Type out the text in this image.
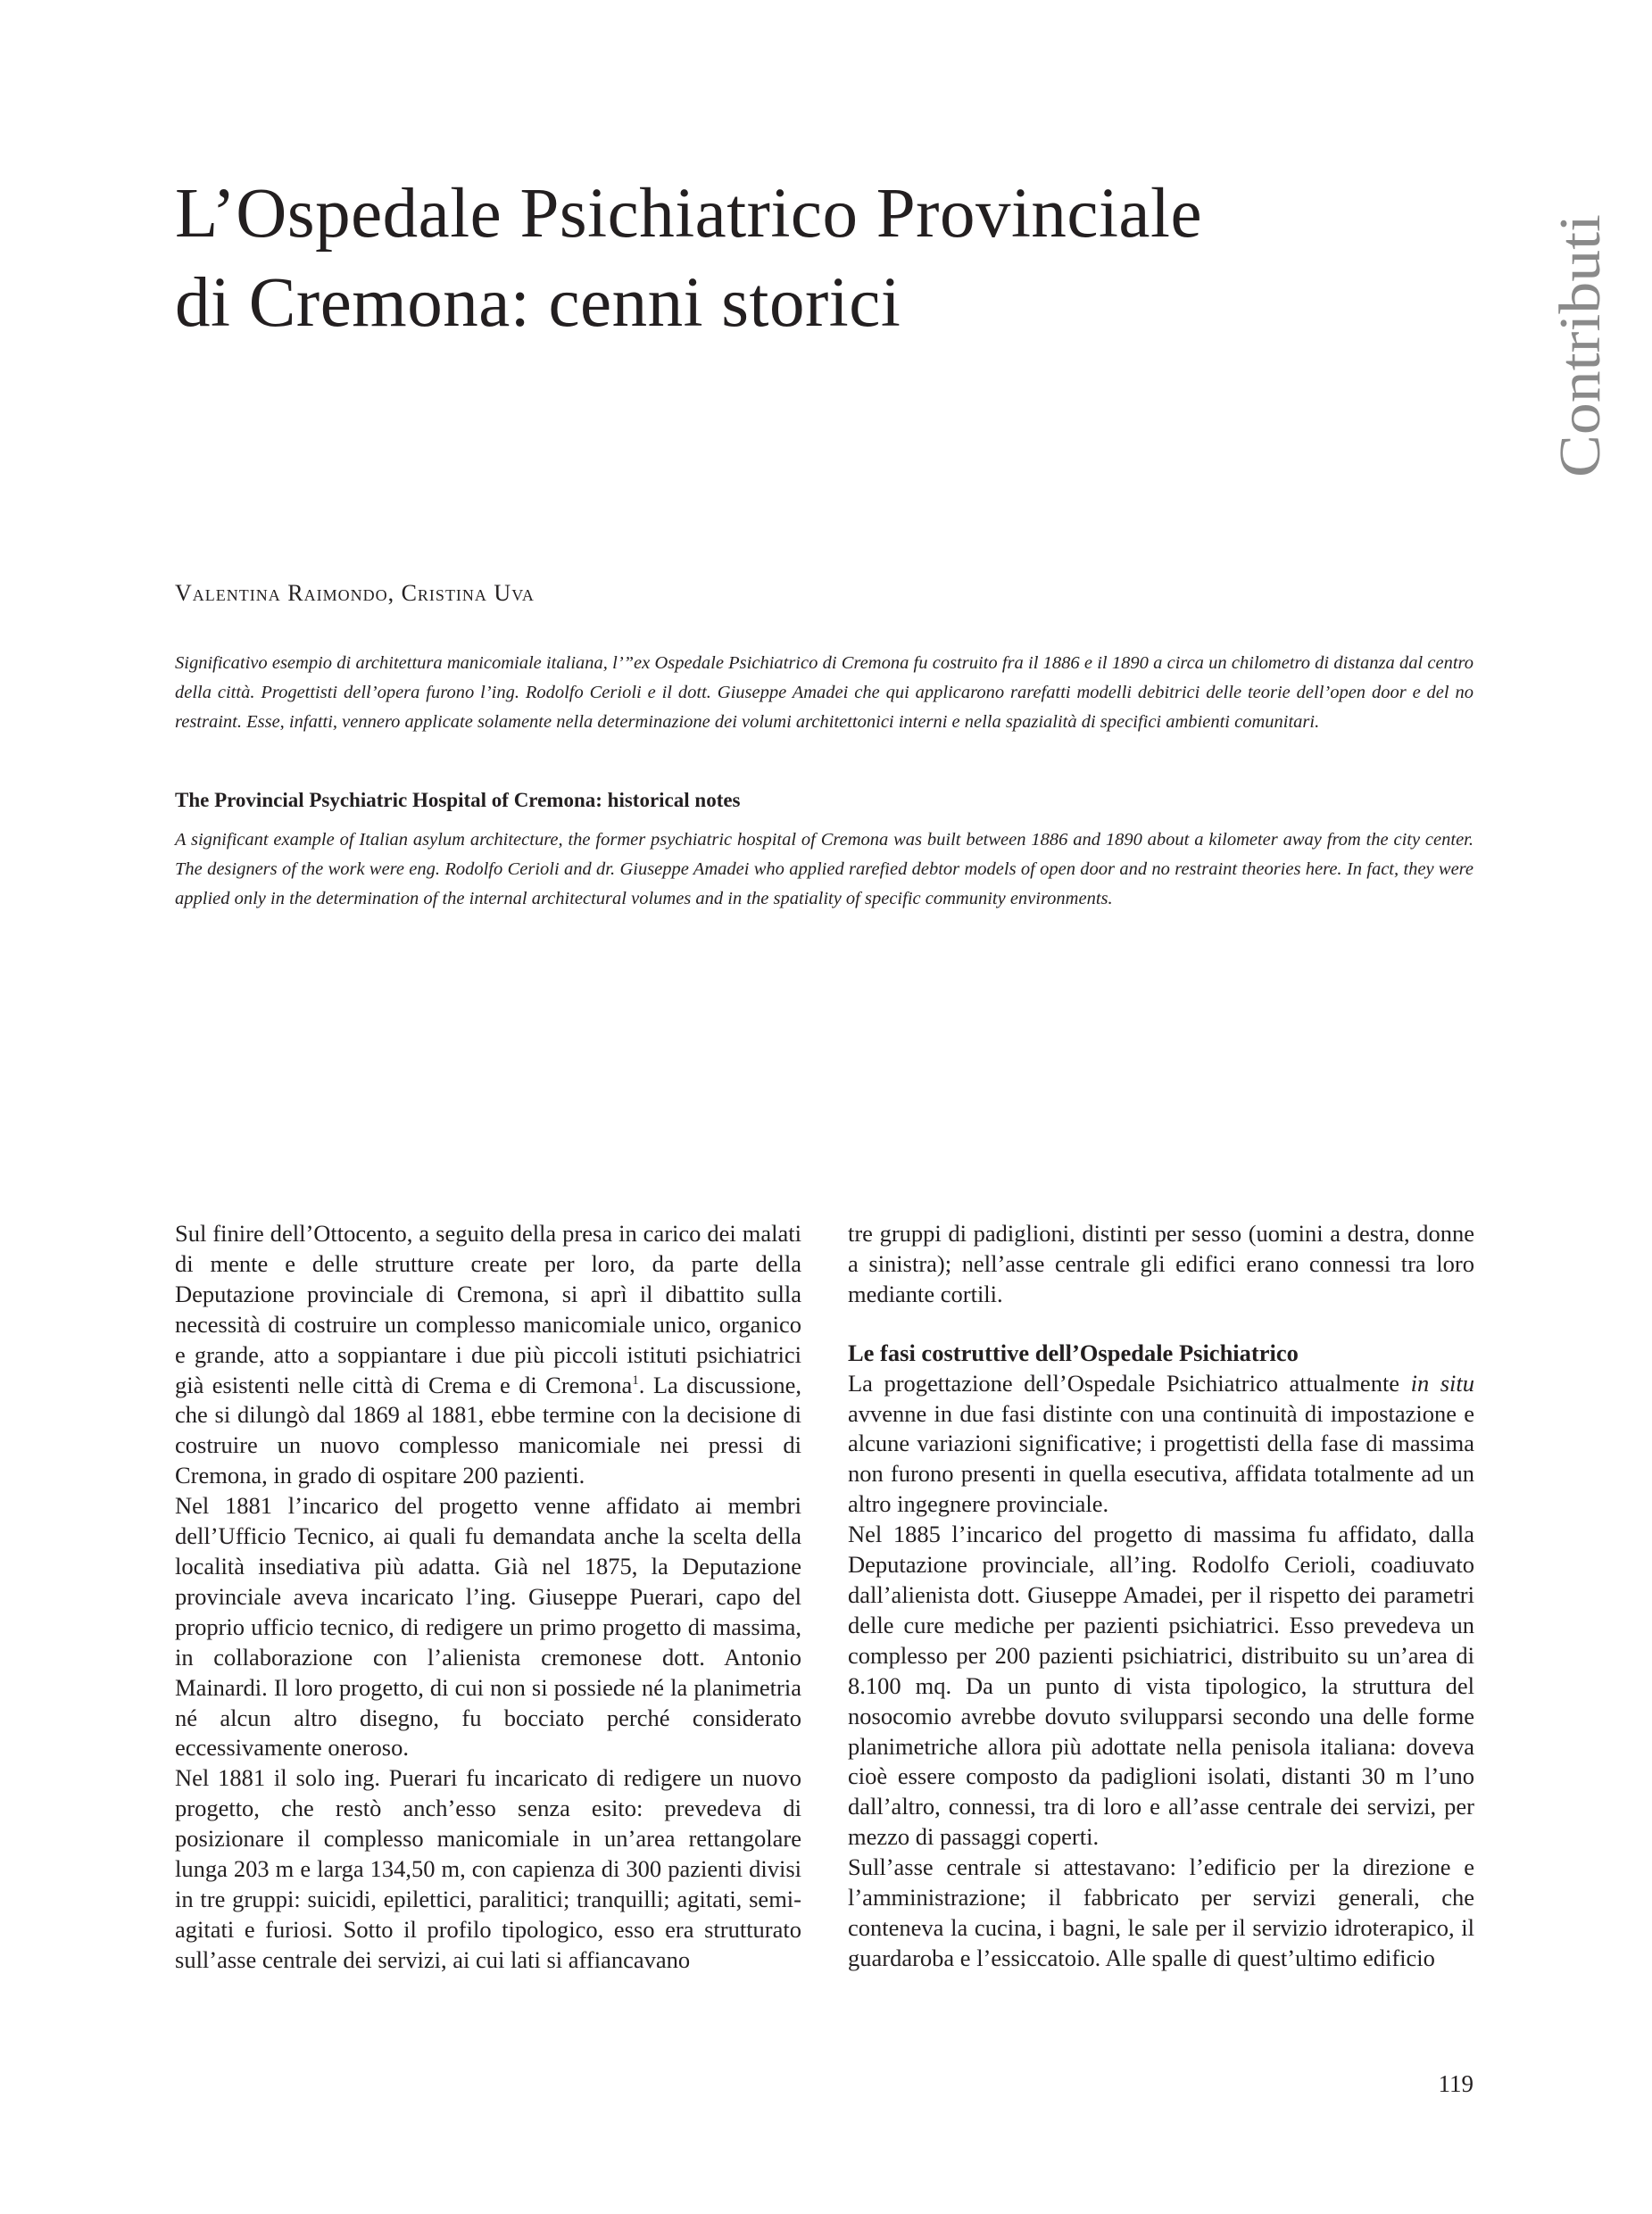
L’Ospedale Psichiatrico Provinciale
di Cremona: cenni storici	Contributi

Valentina Raimondo, Cristina Uva

Significativo esempio di architettura manicomiale italiana, l’”ex Ospedale Psichiatrico di Cremona fu costruito fra il 1886 e il 1890 a circa un chilometro di distanza dal centro della città. Progettisti dell’opera furono l’ing. Rodolfo Cerioli e il dott. Giuseppe Amadei che qui applicarono rarefatti modelli debitrici delle teorie dell’open door e del no restraint. Esse, infatti, vennero applicate solamente nella determinazione dei volumi architettonici interni e nella spazialità di specifici ambienti comunitari.

The Provincial Psychiatric Hospital of Cremona: historical notes

A significant example of Italian asylum architecture, the former psychiatric hospital of Cremona was built between 1886 and 1890 about a kilometer away from the city center. The designers of the work were eng. Rodolfo Cerioli and dr. Giuseppe Amadei who applied rarefied debtor models of open door and no restraint theories here. In fact, they were applied only in the determination of the internal architectural volumes and in the spatiality of specific community environments.

Sul finire dell’Ottocento, a seguito della presa in carico dei malati di mente e delle strutture create per loro, da parte della Deputazione provinciale di Cremona, si aprì il dibattito sulla necessità di costruire un complesso manicomiale unico, organico e grande, atto a soppiantare i due più piccoli istituti psichiatrici già esistenti nelle città di Crema e di Cremona$^1$. La discussione, che si dilungò dal 1869 al 1881, ebbe termine con la decisione di costruire un nuovo complesso manicomiale nei pressi di Cremona, in grado di ospitare 200 pazienti.

Nel 1881 l’incarico del progetto venne affidato ai membri dell’Ufficio Tecnico, ai quali fu demandata anche la scelta della località insediativa più adatta. Già nel 1875, la Deputazione provinciale aveva incaricato l’ing. Giuseppe Puerari, capo del proprio ufficio tecnico, di redigere un primo progetto di massima, in collaborazione con l’alienista cremonese dott. Antonio Mainardi. Il loro progetto, di cui non si possiede né la planimetria né alcun altro disegno, fu bocciato perché considerato eccessivamente oneroso.

Nel 1881 il solo ing. Puerari fu incaricato di redigere un nuovo progetto, che restò anch’esso senza esito: prevedeva di posizionare il complesso manicomiale in un’area rettangolare lunga 203 m e larga 134,50 m, con capienza di 300 pazienti divisi in tre gruppi: suicidi, epilettici, paralitici; tranquilli; agitati, semi-agitati e furiosi. Sotto il profilo tipologico, esso era strutturato sull’asse centrale dei servizi, ai cui lati si affiancavano

tre gruppi di padiglioni, distinti per sesso (uomini a destra, donne a sinistra); nell’asse centrale gli edifici erano connessi tra loro mediante cortili.

Le fasi costruttive dell’Ospedale Psichiatrico

La progettazione dell’Ospedale Psichiatrico attualmente in situ avvenne in due fasi distinte con una continuità di impostazione e alcune variazioni significative; i progettisti della fase di massima non furono presenti in quella esecutiva, affidata totalmente ad un altro ingegnere provinciale.

Nel 1885 l’incarico del progetto di massima fu affidato, dalla Deputazione provinciale, all’ing. Rodolfo Cerioli, coadiuvato dall’alienista dott. Giuseppe Amadei, per il rispetto dei parametri delle cure mediche per pazienti psichiatrici. Esso prevedeva un complesso per 200 pazienti psichiatrici, distribuito su un’area di 8.100 mq. Da un punto di vista tipologico, la struttura del nosocomio avrebbe dovuto svilupparsi secondo una delle forme planimetriche allora più adottate nella penisola italiana: doveva cioè essere composto da padiglioni isolati, distanti 30 m l’uno dall’altro, connessi, tra di loro e all’asse centrale dei servizi, per mezzo di passaggi coperti.

Sull’asse centrale si attestavano: l’edificio per la direzione e l’amministrazione; il fabbricato per servizi generali, che conteneva la cucina, i bagni, le sale per il servizio idroterapico, il guardaroba e l’essiccatoio. Alle spalle di quest’ultimo edificio

119
